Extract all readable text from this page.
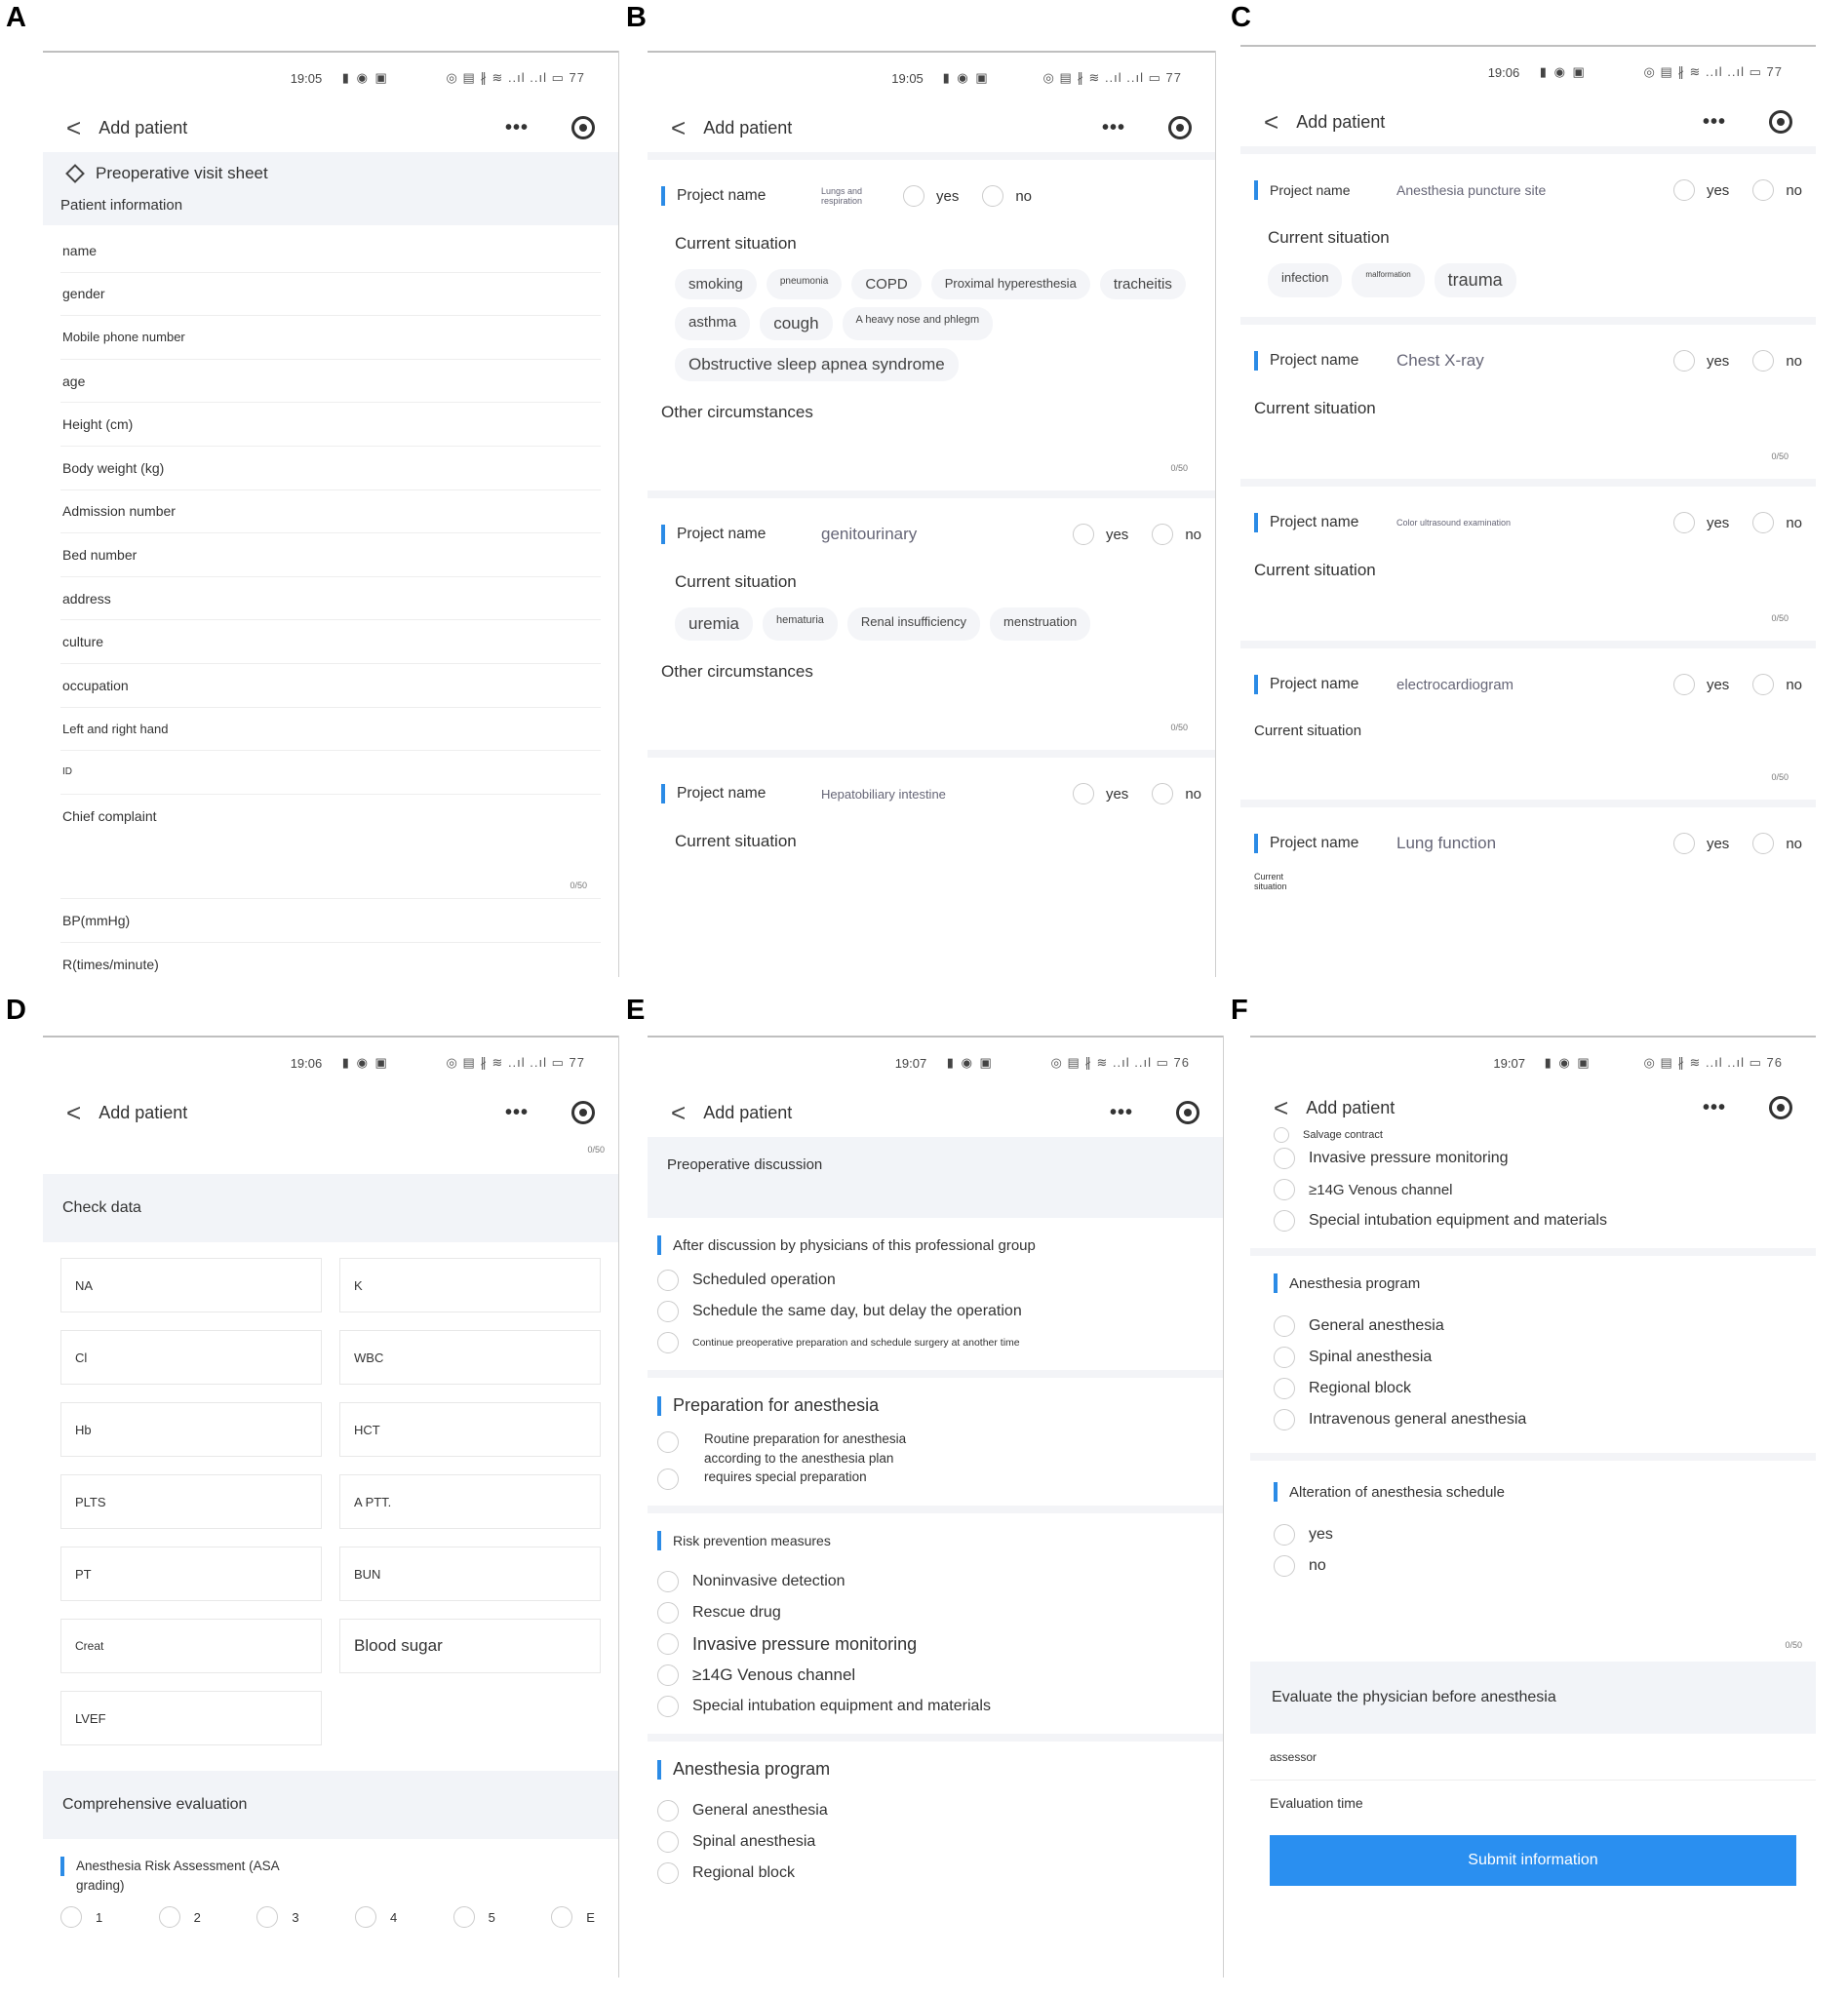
A	B	C
D	E	F
19:05 ▮ ◉ ▣	◎ ▤ ∦ ≋ ..ıl ..ıl ▭ 77
< Add patient	•••
Preoperative visit sheet
Patient information
name
gender
Mobile phone number
age
Height (cm)
Body weight (kg)
Admission number
Bed number
address
culture
occupation
Left and right hand
ID
Chief complaint
0/50
BP(mmHg)
R(times/minute)
19:05 ▮ ◉ ▣	◎ ▤ ∦ ≋ ..ıl ..ıl ▭ 77
< Add patient	•••
Project name	Lungs and respiration	yes	no
Current situation
smoking	pneumonia	COPD	Proximal hyperesthesia	tracheitis
asthma	cough	A heavy nose and phlegm
Obstructive sleep apnea syndrome
Other circumstances
0/50
Project name	genitourinary	yes	no
Current situation
uremia	hematuria	Renal insufficiency	menstruation
Other circumstances
0/50
Project name	Hepatobiliary intestine	yes	no
Current situation
19:06 ▮ ◉ ▣	◎ ▤ ∦ ≋ ..ıl ..ıl ▭ 77
< Add patient	•••
Project name	Anesthesia puncture site	yes	no
Current situation
infection	malformation	trauma
Project name	Chest X-ray	yes	no
Current situation
0/50
Project name	Color ultrasound examination	yes	no
Current situation
0/50
Project name	electrocardiogram	yes	no
Current situation
0/50
Project name	Lung function	yes	no
Current situation
19:06 ▮ ◉ ▣	◎ ▤ ∦ ≋ ..ıl ..ıl ▭ 77
< Add patient	•••
0/50
Check data
NA	K
Cl	WBC
Hb	HCT
PLTS	A PTT.
PT	BUN
Creat	Blood sugar
LVEF
Comprehensive evaluation
Anesthesia Risk Assessment (ASA grading)
1	2	3	4	5	E
19:07 ▮ ◉ ▣	◎ ▤ ∦ ≋ ..ıl ..ıl ▭ 76
< Add patient	•••
Preoperative discussion
After discussion by physicians of this professional group
Scheduled operation
Schedule the same day, but delay the operation
Continue preoperative preparation and schedule surgery at another time
Preparation for anesthesia
Routine preparation for anesthesia
according to the anesthesia plan
requires special preparation
Risk prevention measures
Noninvasive detection
Rescue drug
Invasive pressure monitoring
≥14G Venous channel
Special intubation equipment and materials
Anesthesia program
General anesthesia
Spinal anesthesia
Regional block
19:07 ▮ ◉ ▣	◎ ▤ ∦ ≋ ..ıl ..ıl ▭ 76
< Add patient	•••
Salvage contract
Invasive pressure monitoring
≥14G Venous channel
Special intubation equipment and materials
Anesthesia program
General anesthesia
Spinal anesthesia
Regional block
Intravenous general anesthesia
Alteration of anesthesia schedule
yes
no
0/50
Evaluate the physician before anesthesia
assessor
Evaluation time
Submit information
